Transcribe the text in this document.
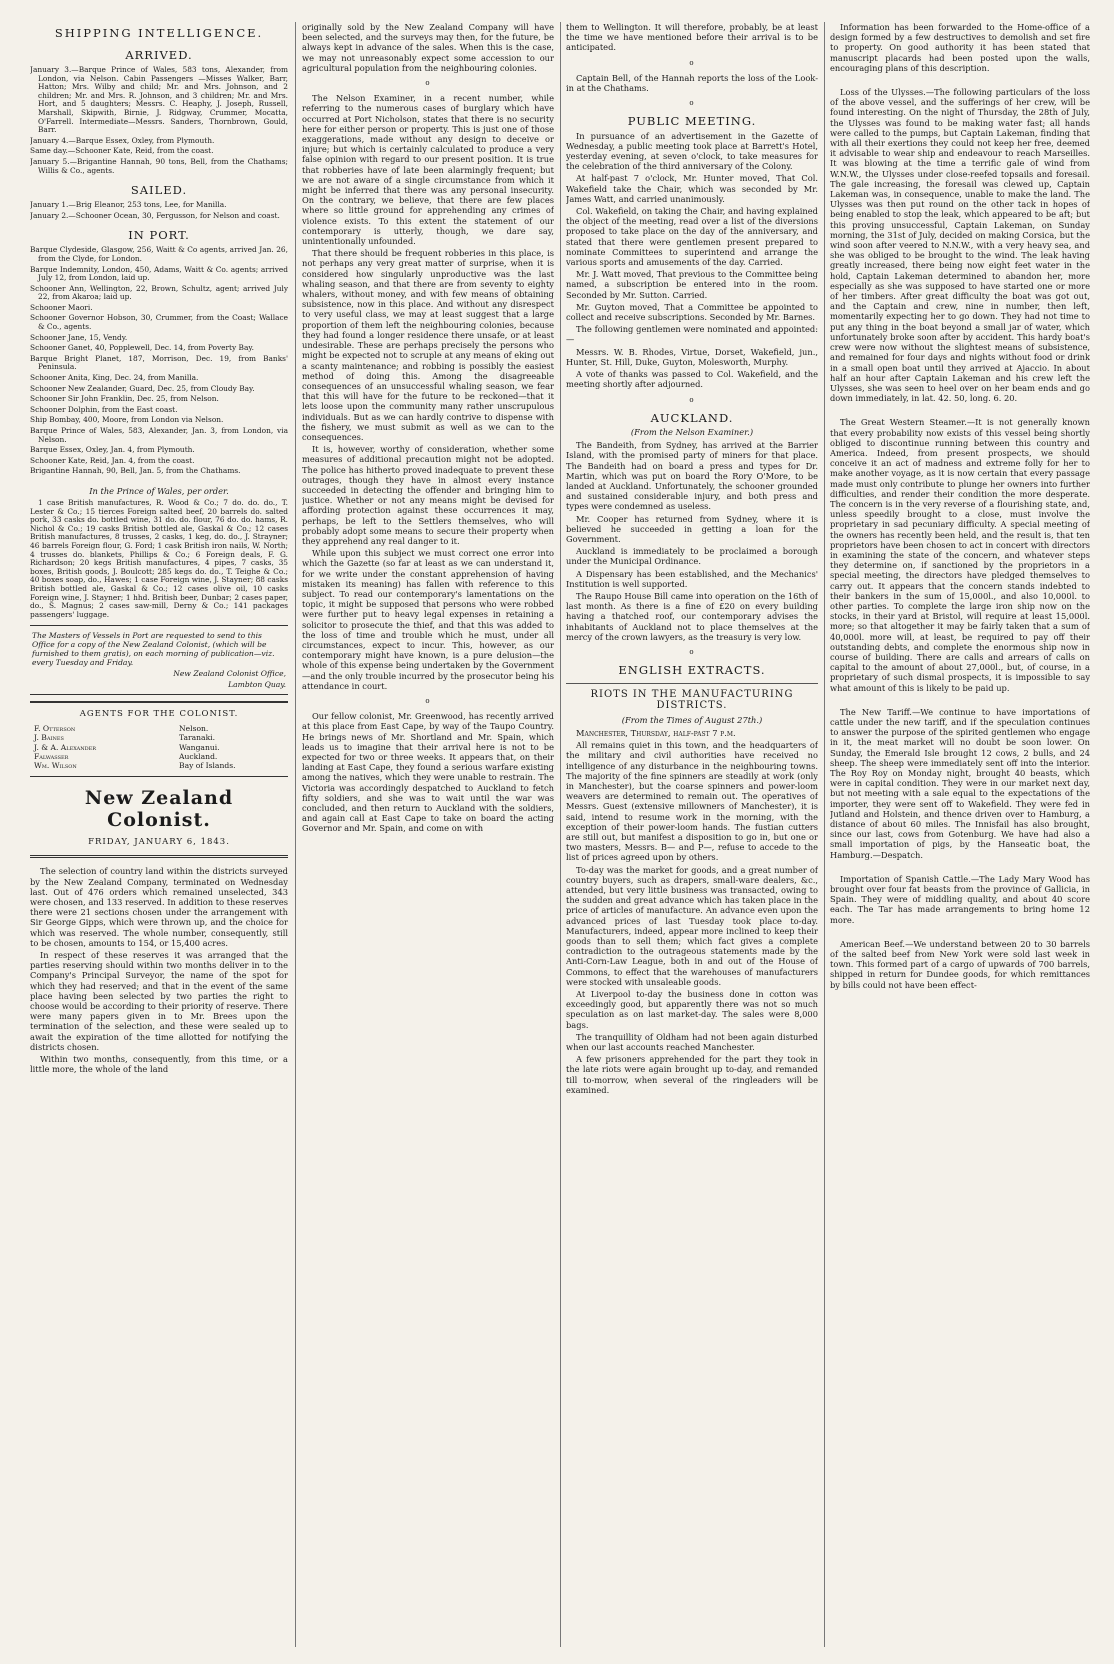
SHIPPING INTELLIGENCE.
ARRIVED.

January 3.—Barque Prince of Wales, 583 tons, Alexander, from London, via Nelson. Cabin Passengers —Misses Walker, Barr, Hatton; Mrs. Wilby and child; Mr. and Mrs. Johnson, and 2 children; Mr. and Mrs. R. Johnson, and 3 children; Mr. and Mrs. Hort, and 5 daughters; Messrs. C. Heaphy, J. Joseph, Russell, Marshall, Skipwith, Birnie, J. Ridgway, Crummer, Mocatta, O'Farrell. Intermediate—Messrs. Sanders, Thornbrown, Gould, Barr.

January 4.—Barque Essex, Oxley, from Plymouth.

Same day.—Schooner Kate, Reid, from the coast.

January 5.—Brigantine Hannah, 90 tons, Bell, from the Chathams; Willis & Co., agents.

SAILED.

January 1.—Brig Eleanor, 253 tons, Lee, for Manilla.

January 2.—Schooner Ocean, 30, Fergusson, for Nelson and coast.

IN PORT.

Barque Clydeside, Glasgow, 256, Waitt & Co agents, arrived Jan. 26, from the Clyde, for London.

Barque Indemnity, London, 450, Adams, Waitt & Co. agents; arrived July 12, from London, laid up.

Schooner Ann, Wellington, 22, Brown, Schultz, agent; arrived July 22, from Akaroa; laid up.

Schooner Maori.

Schooner Governor Hobson, 30, Crummer, from the Coast; Wallace & Co., agents.

Schooner Jane, 15, Vendy.

Schooner Ganet, 40, Popplewell, Dec. 14, from Poverty Bay.

Barque Bright Planet, 187, Morrison, Dec. 19, from Banks' Peninsula.

Schooner Anita, King, Dec. 24, from Manilla.

Schooner New Zealander, Guard, Dec. 25, from Cloudy Bay.

Schooner Sir John Franklin, Dec. 25, from Nelson.

Schooner Dolphin, from the East coast.

Ship Bombay, 400, Moore, from London via Nelson.

Barque Prince of Wales, 583, Alexander, Jan. 3, from London, via Nelson.

Barque Essex, Oxley, Jan. 4, from Plymouth.

Schooner Kate, Reid, Jan. 4, from the coast.

Brigantine Hannah, 90, Bell, Jan. 5, from the Chathams.

In the Prince of Wales, per order.

1 case British manufactures, R. Wood & Co.; 7 do. do. do., T. Lester & Co.; 15 tierces Foreign salted beef, 20 barrels do. salted pork, 33 casks do. bottled wine, 31 do. do. flour, 76 do. do. hams, R. Nichol & Co.; 19 casks British bottled ale, Gaskal & Co.; 12 cases British manufactures, 8 trusses, 2 casks, 1 keg, do. do., J. Strayner; 46 barrels Foreign flour, G. Ford; 1 cask British iron nails, W. North; 4 trusses do. blankets, Phillips & Co.; 6 Foreign deals, F. G. Richardson; 20 kegs British manufactures, 4 pipes, 7 casks, 35 boxes, British goods, J. Boulcott; 285 kegs do. do., T. Teighe & Co.; 40 boxes soap, do., Hawes; 1 case Foreign wine, J. Stayner; 88 casks British bottled ale, Gaskal & Co.; 12 cases olive oil, 10 casks Foreign wine, J. Stayner; 1 hhd. British beer, Dunbar; 2 cases paper, do., S. Magnus; 2 cases saw-mill, Derny & Co.; 141 packages passengers' luggage.

The Masters of Vessels in Port are requested to send to this Office for a copy of the New Zealand Colonist, (which will be furnished to them gratis), on each morning of publication—viz. every Tuesday and Friday.

New Zealand Colonist Office,

Lambton Quay.

AGENTS FOR THE COLONIST.
F. Otterson	Nelson.
J. Baines	Taranaki.
J. & A. Alexander	Wanganui.
Falwasser	Auckland.
Wm. Wilson	Bay of Islands.
New Zealand Colonist.
FRIDAY, JANUARY 6, 1843.

The selection of country land within the districts surveyed by the New Zealand Company, terminated on Wednesday last. Out of 476 orders which remained unselected, 343 were chosen, and 133 reserved. In addition to these reserves there were 21 sections chosen under the arrangement with Sir George Gipps, which were thrown up, and the choice for which was reserved. The whole number, consequently, still to be chosen, amounts to 154, or 15,400 acres.

In respect of these reserves it was arranged that the parties reserving should within two months deliver in to the Company's Principal Surveyor, the name of the spot for which they had reserved; and that in the event of the same place having been selected by two parties the right to choose would be according to their priority of reserve. There were many papers given in to Mr. Brees upon the termination of the selection, and these were sealed up to await the expiration of the time allotted for notifying the districts chosen.

Within two months, consequently, from this time, or a little more, the whole of the land

originally sold by the New Zealand Company will have been selected, and the surveys may then, for the future, be always kept in advance of the sales. When this is the case, we may not unreasonably expect some accession to our agricultural population from the neighbouring colonies.

o

The Nelson Examiner, in a recent number, while referring to the numerous cases of burglary which have occurred at Port Nicholson, states that there is no security here for either person or property. This is just one of those exaggerations, made without any design to deceive or injure; but which is certainly calculated to produce a very false opinion with regard to our present position. It is true that robberies have of late been alarmingly frequent; but we are not aware of a single circumstance from which it might be inferred that there was any personal insecurity. On the contrary, we believe, that there are few places where so little ground for apprehending any crimes of violence exists. To this extent the statement of our contemporary is utterly, though, we dare say, unintentionally unfounded.

That there should be frequent robberies in this place, is not perhaps any very great matter of surprise, when it is considered how singularly unproductive was the last whaling season, and that there are from seventy to eighty whalers, without money, and with few means of obtaining subsistence, now in this place. And without any disrespect to very useful class, we may at least suggest that a large proportion of them left the neighbouring colonies, because they had found a longer residence there unsafe, or at least undesirable. These are perhaps precisely the persons who might be expected not to scruple at any means of eking out a scanty maintenance; and robbing is possibly the easiest method of doing this. Among the disagreeable consequences of an unsuccessful whaling season, we fear that this will have for the future to be reckoned—that it lets loose upon the community many rather unscrupulous individuals. But as we can hardly contrive to dispense with the fishery, we must submit as well as we can to the consequences.

It is, however, worthy of consideration, whether some measures of additional precaution might not be adopted. The police has hitherto proved inadequate to prevent these outrages, though they have in almost every instance succeeded in detecting the offender and bringing him to justice. Whether or not any means might be devised for affording protection against these occurrences it may, perhaps, be left to the Settlers themselves, who will probably adopt some means to secure their property when they apprehend any real danger to it.

While upon this subject we must correct one error into which the Gazette (so far at least as we can understand it, for we write under the constant apprehension of having mistaken its meaning) has fallen with reference to this subject. To read our contemporary's lamentations on the topic, it might be supposed that persons who were robbed were further put to heavy legal expenses in retaining a solicitor to prosecute the thief, and that this was added to the loss of time and trouble which he must, under all circumstances, expect to incur. This, however, as our contemporary might have known, is a pure delusion—the whole of this expense being undertaken by the Government—and the only trouble incurred by the prosecutor being his attendance in court.

o

Our fellow colonist, Mr. Greenwood, has recently arrived at this place from East Cape, by way of the Taupo Country. He brings news of Mr. Shortland and Mr. Spain, which leads us to imagine that their arrival here is not to be expected for two or three weeks. It appears that, on their landing at East Cape, they found a serious warfare existing among the natives, which they were unable to restrain. The Victoria was accordingly despatched to Auckland to fetch fifty soldiers, and she was to wait until the war was concluded, and then return to Auckland with the soldiers, and again call at East Cape to take on board the acting Governor and Mr. Spain, and come on with

them to Wellington. It will therefore, probably, be at least the time we have mentioned before their arrival is to be anticipated.

o

Captain Bell, of the Hannah reports the loss of the Look-in at the Chathams.

o
PUBLIC MEETING.

In pursuance of an advertisement in the Gazette of Wednesday, a public meeting took place at Barrett's Hotel, yesterday evening, at seven o'clock, to take measures for the celebration of the third anniversary of the Colony.

At half-past 7 o'clock, Mr. Hunter moved, That Col. Wakefield take the Chair, which was seconded by Mr. James Watt, and carried unanimously.

Col. Wakefield, on taking the Chair, and having explained the object of the meeting, read over a list of the diversions proposed to take place on the day of the anniversary, and stated that there were gentlemen present prepared to nominate Committees to superintend and arrange the various sports and amusements of the day. Carried.

Mr. J. Watt moved, That previous to the Committee being named, a subscription be entered into in the room. Seconded by Mr. Sutton. Carried.

Mr. Guyton moved, That a Committee be appointed to collect and receive subscriptions. Seconded by Mr. Barnes.

The following gentlemen were nominated and appointed:—

Messrs. W. B. Rhodes, Virtue, Dorset, Wakefield, jun., Hunter, St. Hill, Duke, Guyton, Molesworth, Murphy.

A vote of thanks was passed to Col. Wakefield, and the meeting shortly after adjourned.

o
AUCKLAND.
(From the Nelson Examiner.)

The Bandeith, from Sydney, has arrived at the Barrier Island, with the promised party of miners for that place. The Bandeith had on board a press and types for Dr. Martin, which was put on board the Rory O'More, to be landed at Auckland. Unfortunately, the schooner grounded and sustained considerable injury, and both press and types were condemned as useless.

Mr. Cooper has returned from Sydney, where it is believed he succeeded in getting a loan for the Government.

Auckland is immediately to be proclaimed a borough under the Municipal Ordinance.

A Dispensary has been established, and the Mechanics' Institution is well supported.

The Raupo House Bill came into operation on the 16th of last month. As there is a fine of £20 on every building having a thatched roof, our contemporary advises the inhabitants of Auckland not to place themselves at the mercy of the crown lawyers, as the treasury is very low.

o
ENGLISH EXTRACTS.
RIOTS IN THE MANUFACTURING DISTRICTS.
(From the Times of August 27th.)

Manchester, Thursday, half-past 7 p.m.

All remains quiet in this town, and the headquarters of the military and civil authorities have received no intelligence of any disturbance in the neighbouring towns. The majority of the fine spinners are steadily at work (only in Manchester), but the coarse spinners and power-loom weavers are determined to remain out. The operatives of Messrs. Guest (extensive millowners of Manchester), it is said, intend to resume work in the morning, with the exception of their power-loom hands. The fustian cutters are still out, but manifest a disposition to go in, but one or two masters, Messrs. B— and P—, refuse to accede to the list of prices agreed upon by others.

To-day was the market for goods, and a great number of country buyers, such as drapers, small-ware dealers, &c., attended, but very little business was transacted, owing to the sudden and great advance which has taken place in the price of articles of manufacture. An advance even upon the advanced prices of last Tuesday took place to-day. Manufacturers, indeed, appear more inclined to keep their goods than to sell them; which fact gives a complete contradiction to the outrageous statements made by the Anti-Corn-Law League, both in and out of the House of Commons, to effect that the warehouses of manufacturers were stocked with unsaleable goods.

At Liverpool to-day the business done in cotton was exceedingly good, but apparently there was not so much speculation as on last market-day. The sales were 8,000 bags.

The tranquillity of Oldham had not been again disturbed when our last accounts reached Manchester.

A few prisoners apprehended for the part they took in the late riots were again brought up to-day, and remanded till to-morrow, when several of the ringleaders will be examined.

Information has been forwarded to the Home-office of a design formed by a few destructives to demolish and set fire to property. On good authority it has been stated that manuscript placards had been posted upon the walls, encouraging plans of this description.

Loss of the Ulysses.—The following particulars of the loss of the above vessel, and the sufferings of her crew, will be found interesting. On the night of Thursday, the 28th of July, the Ulysses was found to be making water fast; all hands were called to the pumps, but Captain Lakeman, finding that with all their exertions they could not keep her free, deemed it advisable to wear ship and endeavour to reach Marseilles. It was blowing at the time a terrific gale of wind from W.N.W., the Ulysses under close-reefed topsails and foresail. The gale increasing, the foresail was clewed up, Captain Lakeman was, in consequence, unable to make the land. The Ulysses was then put round on the other tack in hopes of being enabled to stop the leak, which appeared to be aft; but this proving unsuccessful, Captain Lakeman, on Sunday morning, the 31st of July, decided on making Corsica, but the wind soon after veered to N.N.W., with a very heavy sea, and she was obliged to be brought to the wind. The leak having greatly increased, there being now eight feet water in the hold, Captain Lakeman determined to abandon her, more especially as she was supposed to have started one or more of her timbers. After great difficulty the boat was got out, and the Captain and crew, nine in number, then left, momentarily expecting her to go down. They had not time to put any thing in the boat beyond a small jar of water, which unfortunately broke soon after by accident. This hardy boat's crew were now without the slightest means of subsistence, and remained for four days and nights without food or drink in a small open boat until they arrived at Ajaccio. In about half an hour after Captain Lakeman and his crew left the Ulysses, she was seen to heel over on her beam ends and go down immediately, in lat. 42. 50, long. 6. 20.

The Great Western Steamer.—It is not generally known that every probability now exists of this vessel being shortly obliged to discontinue running between this country and America. Indeed, from present prospects, we should conceive it an act of madness and extreme folly for her to make another voyage, as it is now certain that every passage made must only contribute to plunge her owners into further difficulties, and render their condition the more desperate. The concern is in the very reverse of a flourishing state, and, unless speedily brought to a close, must involve the proprietary in sad pecuniary difficulty. A special meeting of the owners has recently been held, and the result is, that ten proprietors have been chosen to act in concert with directors in examining the state of the concern, and whatever steps they determine on, if sanctioned by the proprietors in a special meeting, the directors have pledged themselves to carry out. It appears that the concern stands indebted to their bankers in the sum of 15,000l., and also 10,000l. to other parties. To complete the large iron ship now on the stocks, in their yard at Bristol, will require at least 15,000l. more; so that altogether it may be fairly taken that a sum of 40,000l. more will, at least, be required to pay off their outstanding debts, and complete the enormous ship now in course of building. There are calls and arrears of calls on capital to the amount of about 27,000l., but, of course, in a proprietary of such dismal prospects, it is impossible to say what amount of this is likely to be paid up.

The New Tariff.—We continue to have importations of cattle under the new tariff, and if the speculation continues to answer the purpose of the spirited gentlemen who engage in it, the meat market will no doubt be soon lower. On Sunday, the Emerald Isle brought 12 cows, 2 bulls, and 24 sheep. The sheep were immediately sent off into the interior. The Roy Roy on Monday night, brought 40 beasts, which were in capital condition. They were in our market next day, but not meeting with a sale equal to the expectations of the importer, they were sent off to Wakefield. They were fed in Jutland and Holstein, and thence driven over to Hamburg, a distance of about 60 miles. The Innisfail has also brought, since our last, cows from Gotenburg. We have had also a small importation of pigs, by the Hanseatic boat, the Hamburg.—Despatch.

Importation of Spanish Cattle.—The Lady Mary Wood has brought over four fat beasts from the province of Gallicia, in Spain. They were of middling quality, and about 40 score each. The Tar has made arrangements to bring home 12 more.

American Beef.—We understand between 20 to 30 barrels of the salted beef from New York were sold last week in town. This formed part of a cargo of upwards of 700 barrels, shipped in return for Dundee goods, for which remittances by bills could not have been effect-
